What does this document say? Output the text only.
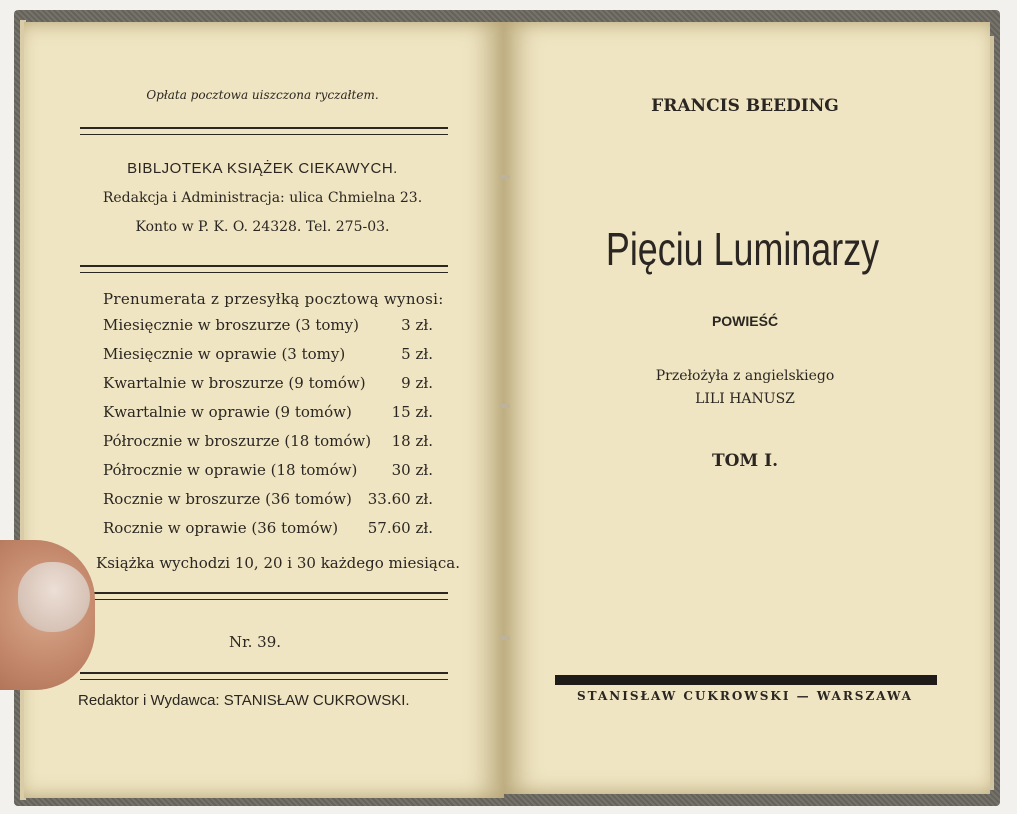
Opłata pocztowa uiszczona ryczałtem.
BIBLJOTEKA KSIĄŻEK CIEKAWYCH.
Redakcja i Administracja: ulica Chmielna 23.
Konto w P. K. O. 24328. Tel. 275-03.
Prenumerata z przesyłką pocztową wynosi:
Miesięcznie w broszurze (3 tomy)	3 zł.
Miesięcznie w oprawie (3 tomy)	5 zł.
Kwartalnie w broszurze (9 tomów) 9 zł.
Kwartalnie w oprawie (9 tomów)	15 zł.
Półrocznie w broszurze (18 tomów) 18 zł.
Półrocznie w oprawie (18 tomów) 30 zł.
Rocznie w broszurze (36 tomów) 33.60 zł.
Rocznie w oprawie (36 tomów) 57.60 zł.
Książka wychodzi 10, 20 i 30 każdego miesiąca.
Nr. 39.
Redaktor i Wydawca: STANISŁAW CUKROWSKI.
FRANCIS BEEDING
Pięciu Luminarzy
POWIEŚĆ
Przełożyła z angielskiego
LILI HANUSZ
TOM I.
STANISŁAW CUKROWSKI — WARSZAWA
